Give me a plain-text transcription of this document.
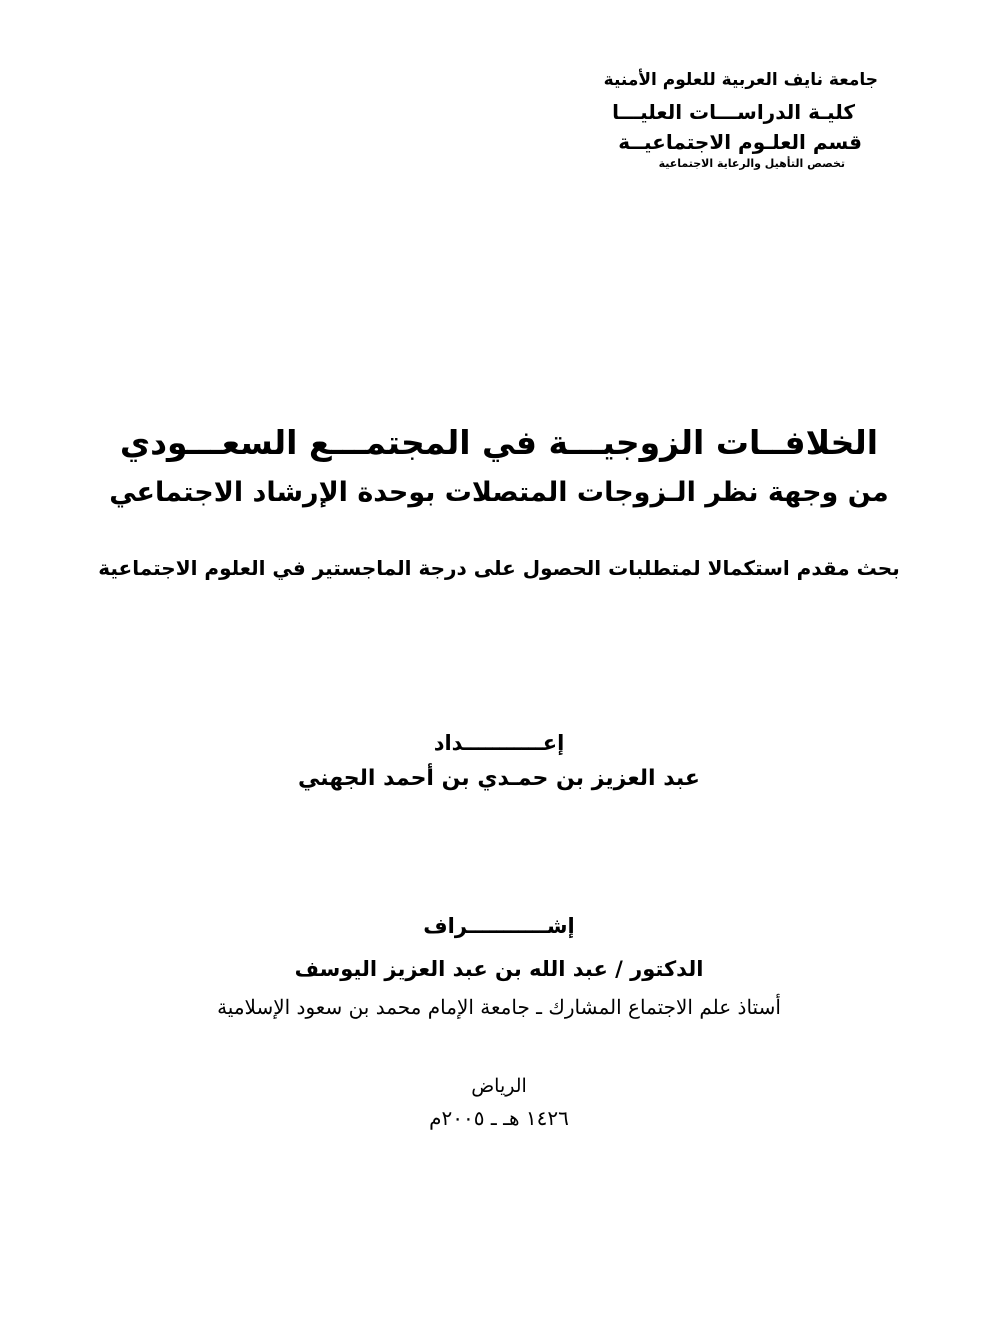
جامعة نايف العربية للعلوم الأمنية

كليـة الدراســـات العليـــا

قسم العلـوم الاجتماعيــة

تخصص التأهيل والرعاية الاجتماعية

الخلافــات الزوجيـــة في المجتمـــع السعـــودي

من وجهة نظر الـزوجات المتصلات بوحدة الإرشاد الاجتماعي

بحث مقدم استكمالا لمتطلبات الحصول على درجة الماجستير في العلوم الاجتماعية

إعـــــــــــداد

عبد العزيز بن حمـدي بن أحمد الجهني

إشـــــــــــراف

الدكتور / عبد الله بن عبد العزيز اليوسف

أستاذ علم الاجتماع المشارك ـ جامعة الإمام محمد بن سعود الإسلامية

الرياض

١٤٢٦ هـ ـ ٢٠٠٥م
